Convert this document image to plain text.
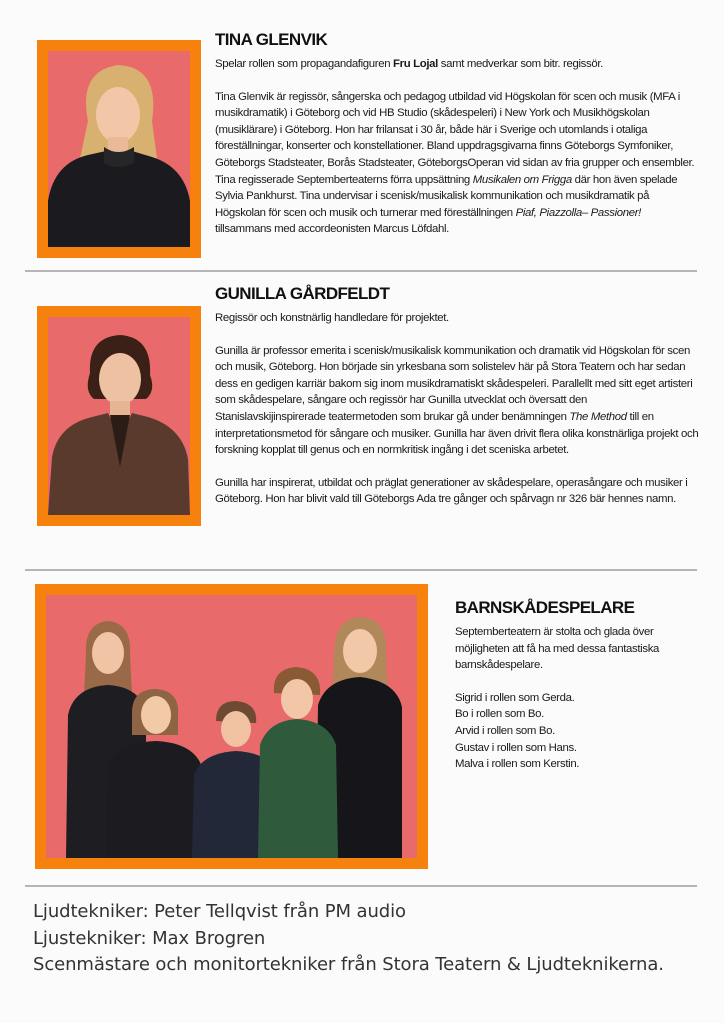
TINA GLENVIK

Spelar rollen som propagandafiguren Fru Lojal samt medverkar som bitr. regissör.

Tina Glenvik är regissör, sångerska och pedagog utbildad vid Högskolan för scen och musik (MFA i musikdramatik) i Göteborg och vid HB Studio (skådespeleri) i New York och Musikhögskolan (musiklärare) i Göteborg. Hon har frilansat i 30 år, både här i Sverige och utomlands i otaliga föreställningar, konserter och konstellationer. Bland uppdragsgivarna finns Göteborgs Symfoniker, Göteborgs Stadsteater, Borås Stadsteater, GöteborgsOperan vid sidan av fria grupper och ensembler. Tina regisserade Septemberteaterns förra uppsättning Musikalen om Frigga där hon även spelade Sylvia Pankhurst. Tina undervisar i scenisk/musikalisk kommunikation och musikdramatik på Högskolan för scen och musik och turnerar med föreställningen Piaf, Piazzolla– Passioner! tillsammans med accordeonisten Marcus Löfdahl.

GUNILLA GÅRDFELDT

Regissör och konstnärlig handledare för projektet.

Gunilla är professor emerita i scenisk/musikalisk kommunikation och dramatik vid Högskolan för scen och musik, Göteborg. Hon började sin yrkesbana som solistelev här på Stora Teatern och har sedan dess en gedigen karriär bakom sig inom musikdramatiskt skådespeleri. Parallellt med sitt eget artisteri som skådespelare, sångare och regissör har Gunilla utvecklat och översatt den Stanislavskijinspirerade teatermetoden som brukar gå under benämningen The Method till en interpretationsmetod för sångare och musiker. Gunilla har även drivit flera olika konstnärliga projekt och forskning kopplat till genus och en normkritisk ingång i det sceniska arbetet.

Gunilla har inspirerat, utbildat och präglat generationer av skådespelare, operasångare och musiker i Göteborg. Hon har blivit vald till Göteborgs Ada tre gånger och spårvagn nr 326 bär hennes namn.

BARNSKÅDESPELARE

Septemberteatern är stolta och glada över möjligheten att få ha med dessa fantastiska barnskådespelare.

Sigrid i rollen som Gerda.
Bo i rollen som Bo.
Arvid i rollen som Bo.
Gustav i rollen som Hans.
Malva i rollen som Kerstin.

Ljudtekniker: Peter Tellqvist från PM audio
Ljustekniker: Max Brogren
Scenmästare och monitortekniker från Stora Teatern & Ljudteknikerna.
